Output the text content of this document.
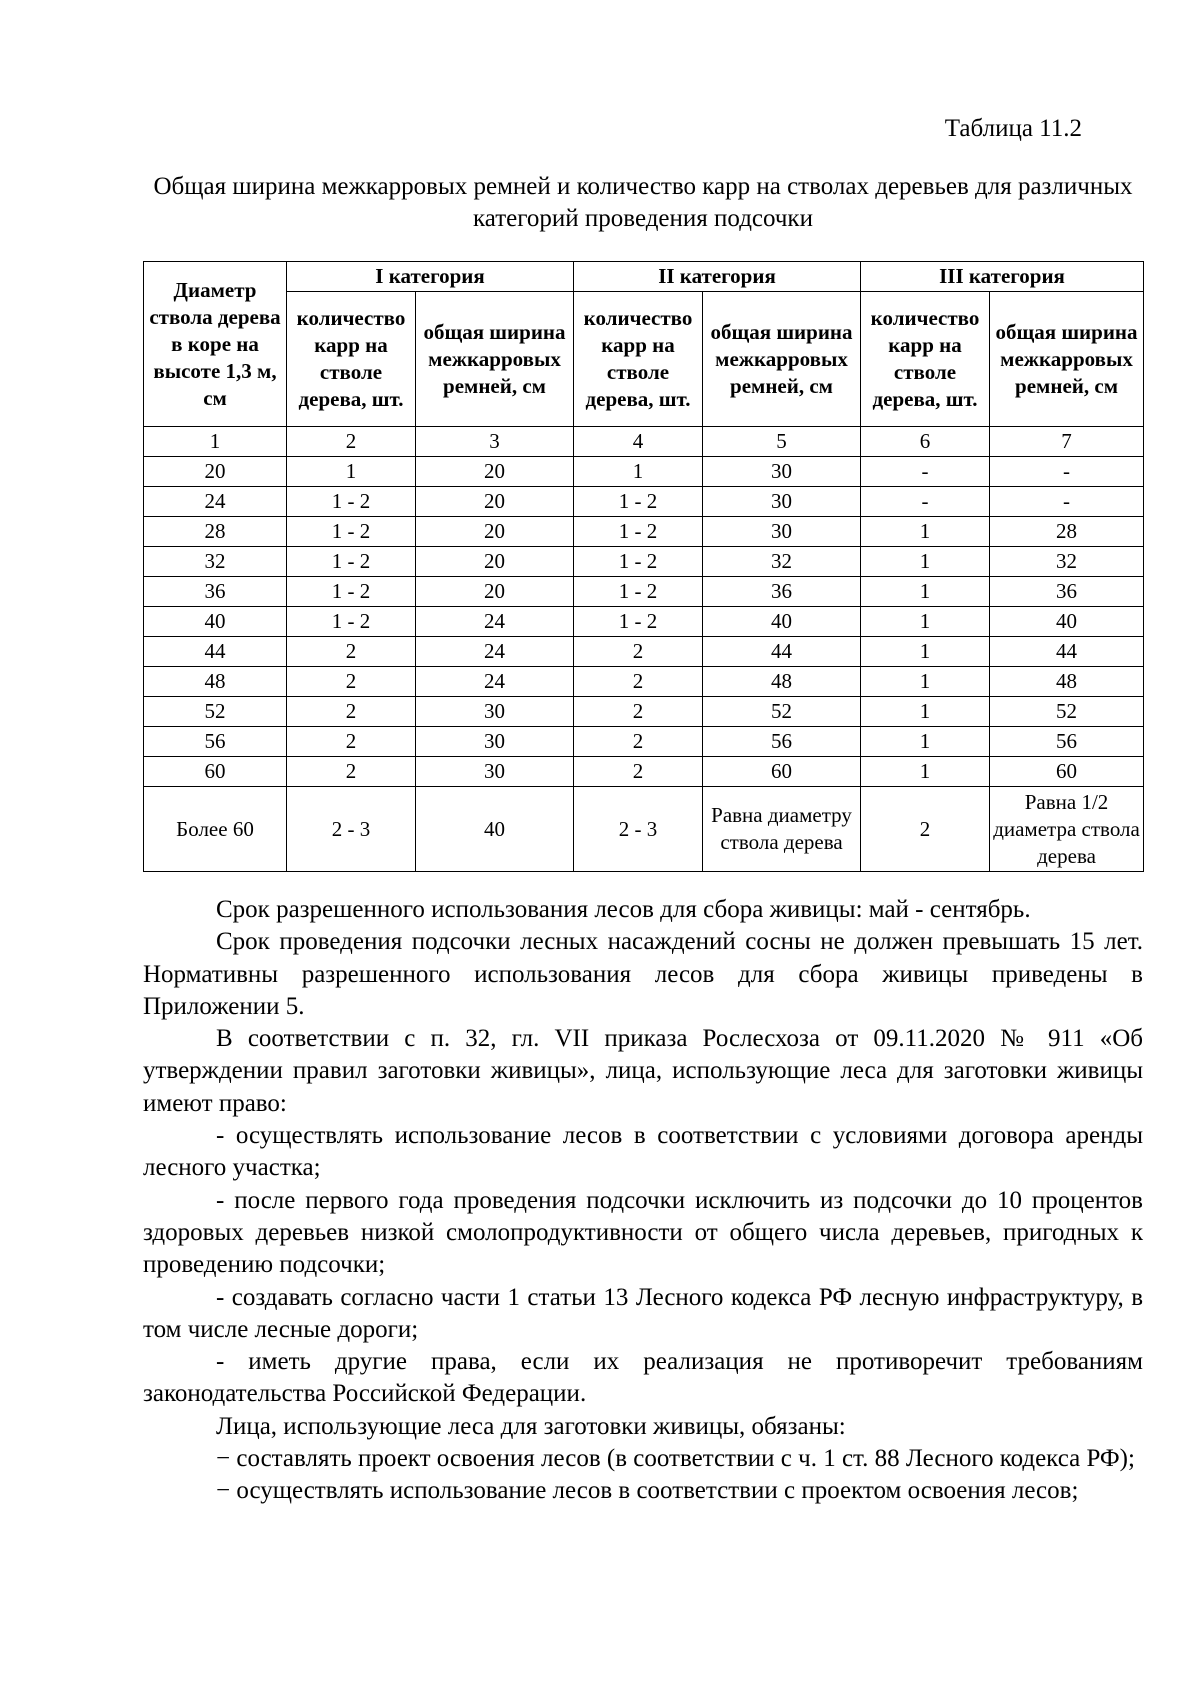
Таблица 11.2
Общая ширина межкарровых ремней и количество карр на стволах деревьев для различных категорий проведения подсочки
Диаметр ствола дерева в коре на высоте 1,3 м, см	I категория		II категория		III категория	
	количество карр на стволе дерева, шт.	общая ширина межкарровых ремней, см	количество карр на стволе дерева, шт.	общая ширина межкарровых ремней, см	количество карр на стволе дерева, шт.	общая ширина межкарровых ремней, см
1	2	3	4	5	6	7
20	1	20	1	30	-	-
24	1 - 2	20	1 - 2	30	-	-
28	1 - 2	20	1 - 2	30	1	28
32	1 - 2	20	1 - 2	32	1	32
36	1 - 2	20	1 - 2	36	1	36
40	1 - 2	24	1 - 2	40	1	40
44	2	24	2	44	1	44
48	2	24	2	48	1	48
52	2	30	2	52	1	52
56	2	30	2	56	1	56
60	2	30	2	60	1	60
Более 60	2 - 3	40	2 - 3	Равна диаметру ствола дерева	2	Равна 1/2 диаметра ствола дерева

Срок разрешенного использования лесов для сбора живицы: май - сентябрь.

Срок проведения подсочки лесных насаждений сосны не должен превышать 15 лет. Нормативны разрешенного использования лесов для сбора живицы приведены в Приложении 5.

В соответствии с п. 32, гл. VII приказа Рослесхоза от 09.11.2020 № 911 «Об утверждении правил заготовки живицы», лица, использующие леса для заготовки живицы имеют право:

- осуществлять использование лесов в соответствии с условиями договора аренды лесного участка;

- после первого года проведения подсочки исключить из подсочки до 10 процентов здоровых деревьев низкой смолопродуктивности от общего числа деревьев, пригодных к проведению подсочки;

- создавать согласно части 1 статьи 13 Лесного кодекса РФ лесную инфраструктуру, в том числе лесные дороги;

- иметь другие права, если их реализация не противоречит требованиям законодательства Российской Федерации.

Лица, использующие леса для заготовки живицы, обязаны:

− составлять проект освоения лесов (в соответствии с ч. 1 ст. 88 Лесного кодекса РФ);

− осуществлять использование лесов в соответствии с проектом освоения лесов;
